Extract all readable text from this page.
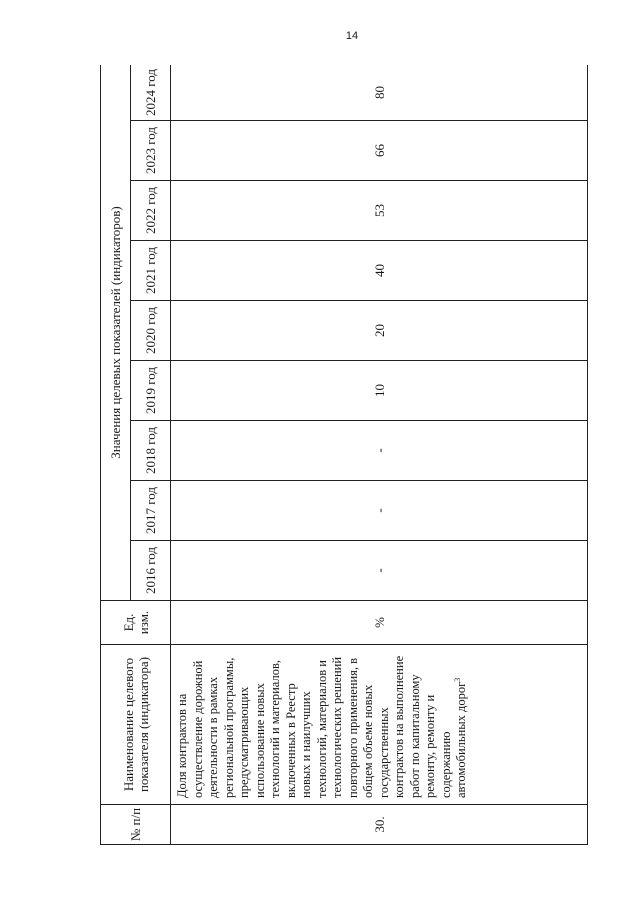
14
№ п/п	Наименование целевого показателя (индикатора)	Ед. изм.	Значения целевых показателей (индикаторов)								
			2016 год	2017 год	2018 год	2019 год	2020 год	2021 год	2022 год	2023 год	2024 год
30.	Доля контрактов на осуществление дорожной деятельности в рамках региональной программы, предусматривающих использование новых технологий и материалов, включенных в Реестр новых и наилучших технологий, материалов и технологических решений повторного применения, в общем объеме новых государственных контрактов на выполнение работ по капитальному ремонту, ремонту и содержанию автомобильных дорог$^3$	%	-	-	-	10	20	40	53	66	80
